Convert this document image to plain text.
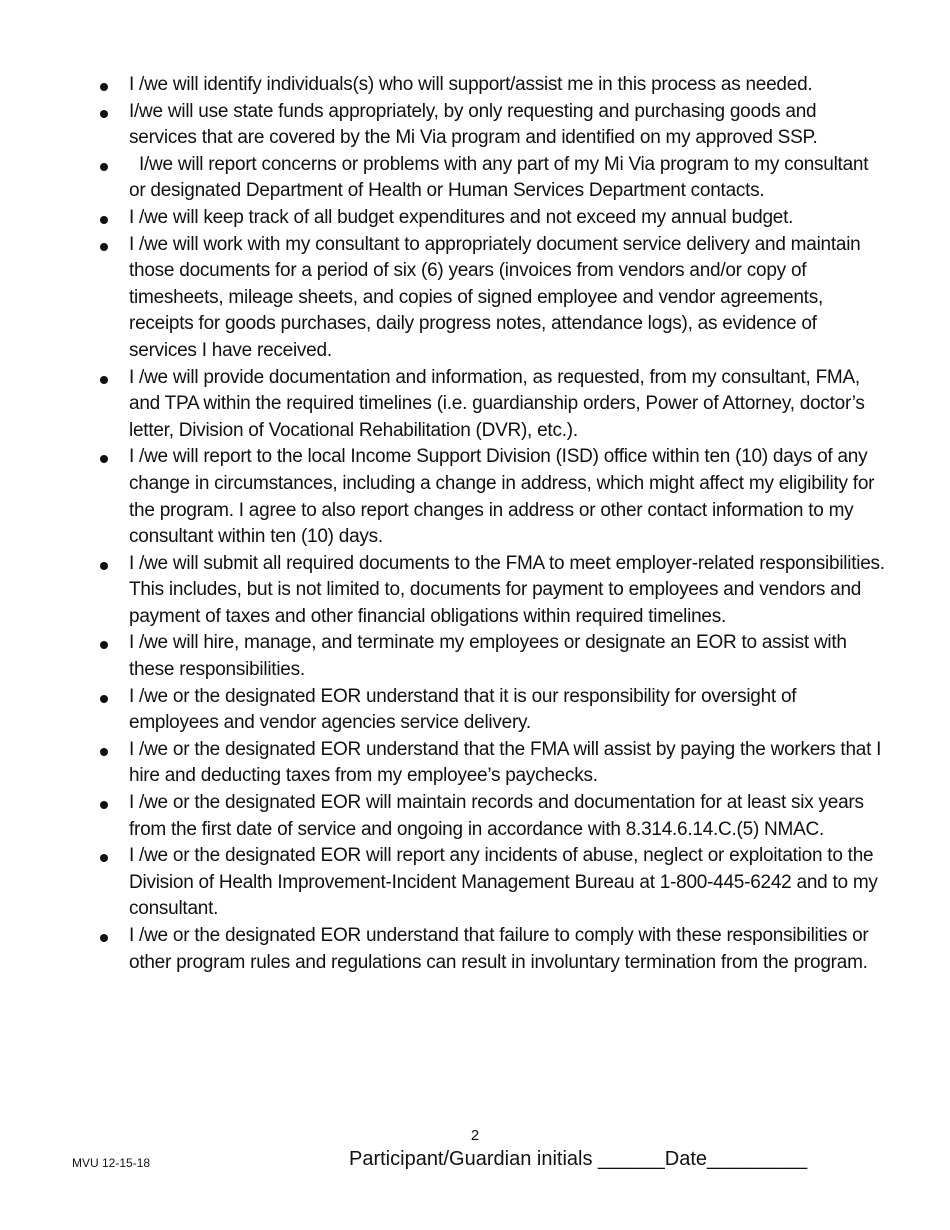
I /we will identify individuals(s) who will support/assist me in this process as needed.
I/we will use state funds appropriately, by only requesting and purchasing goods and services that are covered by the Mi Via program and identified on my approved SSP.
I/we will report concerns or problems with any part of my Mi Via program to my consultant or designated Department of Health or Human Services Department contacts.
I /we will keep track of all budget expenditures and not exceed my annual budget.
I /we will work with my consultant to appropriately document service delivery and maintain those documents for a period of six (6) years (invoices from vendors and/or copy of timesheets, mileage sheets, and copies of signed employee and vendor agreements, receipts for goods purchases, daily progress notes, attendance logs), as evidence of services I have received.
I /we will provide documentation and information, as requested, from my consultant, FMA, and TPA within the required timelines (i.e. guardianship orders, Power of Attorney, doctor’s letter, Division of Vocational Rehabilitation (DVR), etc.).
I /we will report to the local Income Support Division (ISD) office within ten (10) days of any change in circumstances, including a change in address, which might affect my eligibility for the program. I agree to also report changes in address or other contact information to my consultant within ten (10) days.
I /we will submit all required documents to the FMA to meet employer-related responsibilities. This includes, but is not limited to, documents for payment to employees and vendors and payment of taxes and other financial obligations within required timelines.
I /we will hire, manage, and terminate my employees or designate an EOR to assist with these responsibilities.
I /we or the designated EOR understand that it is our responsibility for oversight of employees and vendor agencies service delivery.
I /we or the designated EOR understand that the FMA will assist by paying the workers that I hire and deducting taxes from my employee’s paychecks.
I /we or the designated EOR will maintain records and documentation for at least six years from the first date of service and ongoing in accordance with 8.314.6.14.C.(5) NMAC.
I /we or the designated EOR will report any incidents of abuse, neglect or exploitation to the Division of Health Improvement-Incident Management Bureau at 1-800-445-6242 and to my consultant.
I /we or the designated EOR understand that failure to comply with these responsibilities or other program rules and regulations can result in involuntary termination from the program.
2
MVU 12-15-18	Participant/Guardian initials ______Date_________
